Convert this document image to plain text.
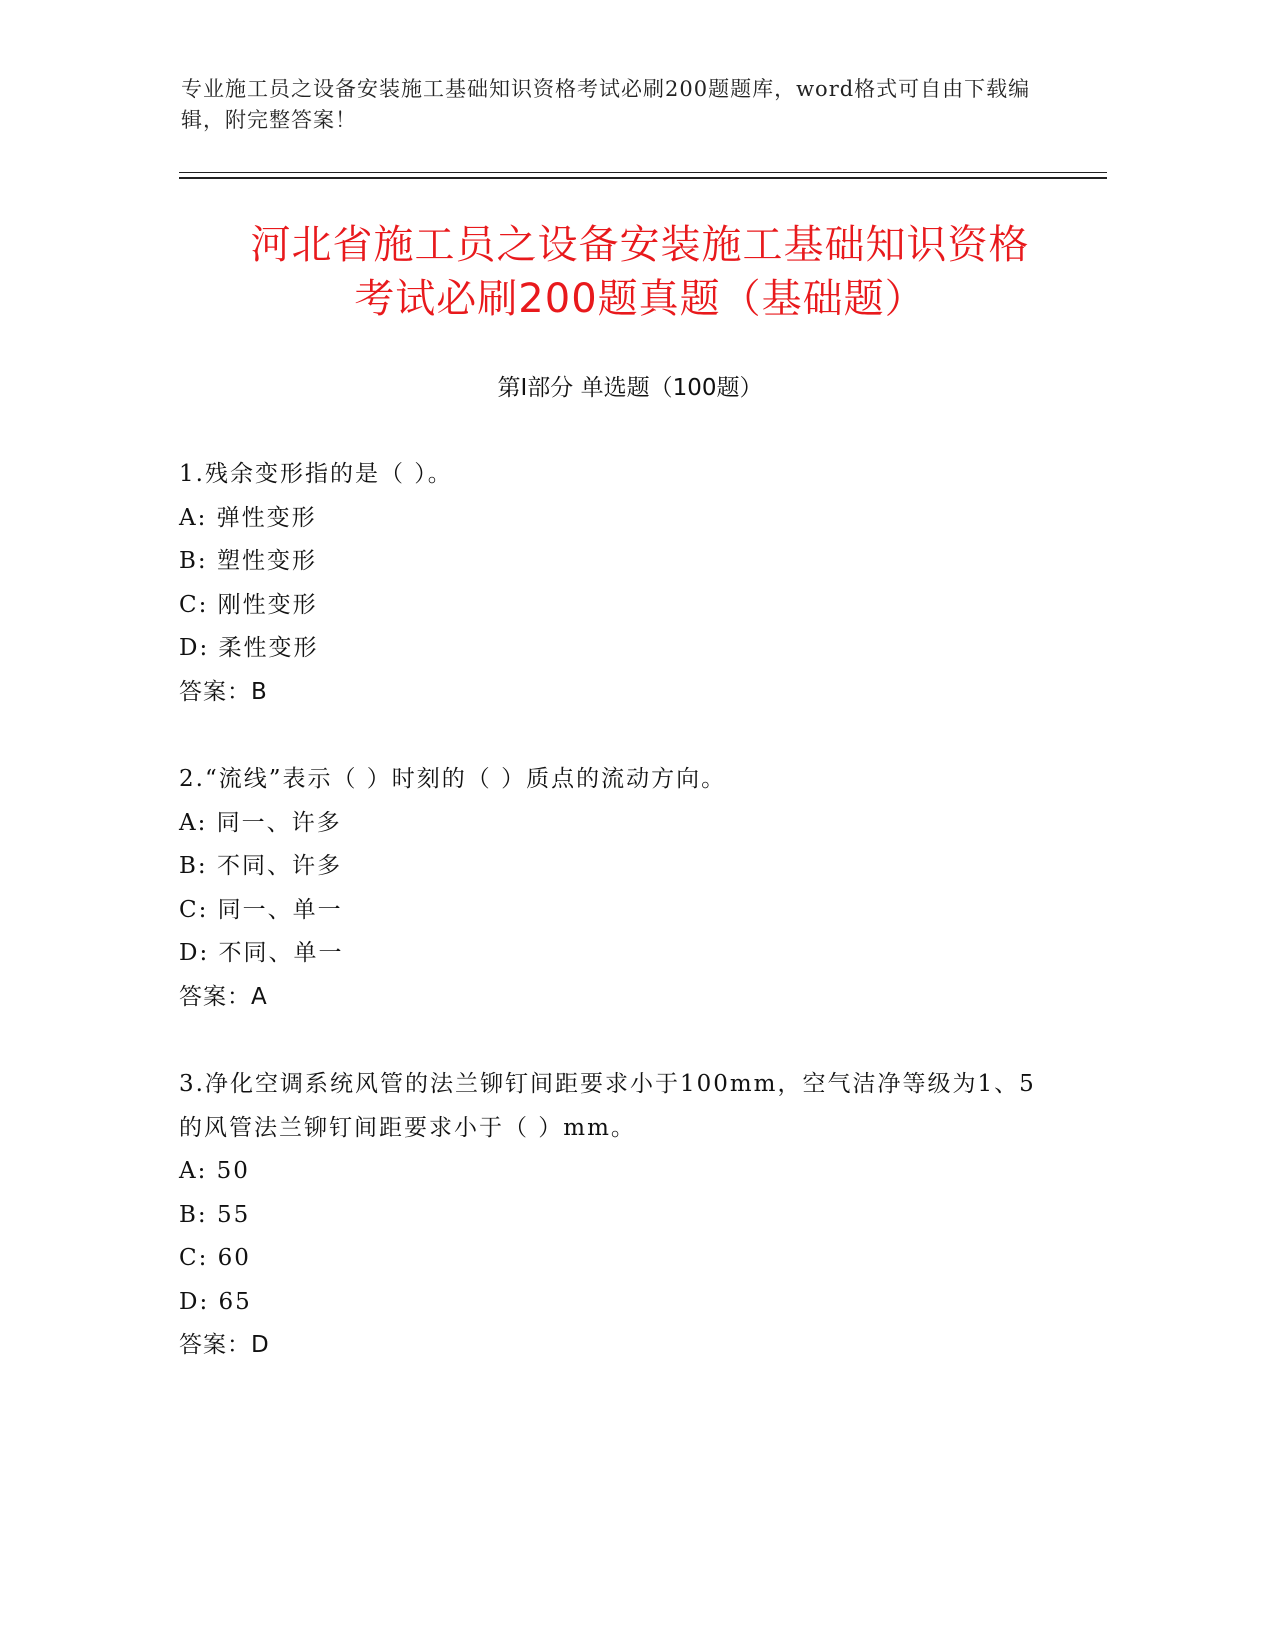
专业施工员之设备安装施工基础知识资格考试必刷200题题库，word格式可自由下载编辑，附完整答案！
河北省施工员之设备安装施工基础知识资格
考试必刷200题真题（基础题）
第Ⅰ部分 单选题（100题）
1.残余变形指的是（ ）。
A: 弹性变形
B: 塑性变形
C: 刚性变形
D: 柔性变形
答案：B
2.“流线”表示（ ）时刻的（ ）质点的流动方向。
A: 同一、许多
B: 不同、许多
C: 同一、单一
D: 不同、单一
答案：A
3.净化空调系统风管的法兰铆钉间距要求小于100mm，空气洁净等级为1、5的风管法兰铆钉间距要求小于（ ）mm。
A: 50
B: 55
C: 60
D: 65
答案：D
